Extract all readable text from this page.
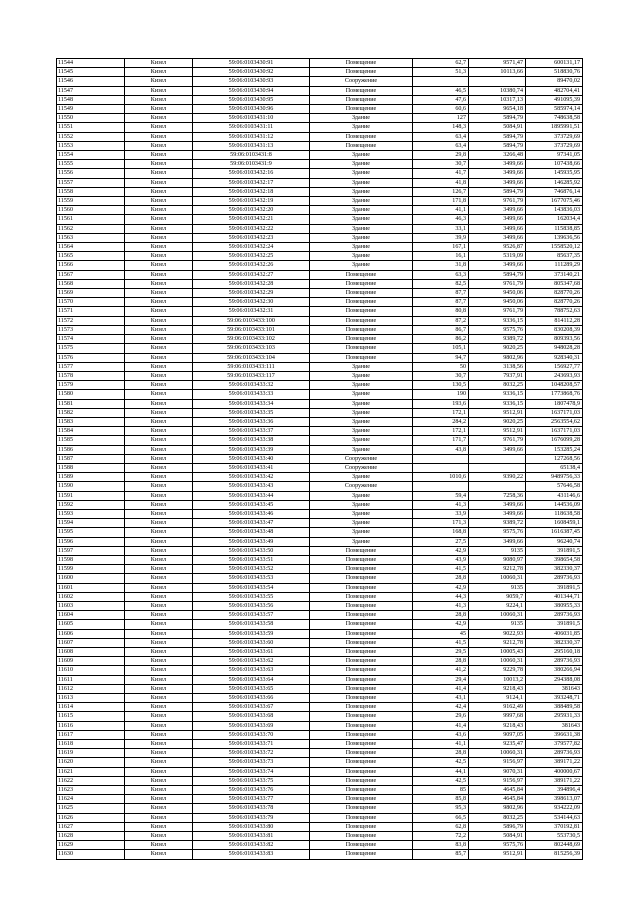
11544	Кизел	59:06:0103430:91	Помещение	62,7	9571,47	600131,17
11545	Кизел	59:06:0103430:92	Помещение	51,3	10113,66	518830,76
11546	Кизел	59:06:0103430:93	Сооружение			89470,02
11547	Кизел	59:06:0103430:94	Помещение	46,5	10380,74	482704,41
11548	Кизел	59:06:0103430:95	Помещение	47,6	10317,13	491095,39
11549	Кизел	59:06:0103430:96	Помещение	60,6	9654,18	585974,14
11550	Кизел	59:06:0103431:10	Здание	127	5894,79	748638,58
11551	Кизел	59:06:0103431:11	Здание	148,3	5084,91	1895991,51
11552	Кизел	59:06:0103431:12	Помещение	63,4	5894,79	373729,69
11553	Кизел	59:06:0103431:13	Помещение	63,4	5894,79	373729,69
11554	Кизел	59:06:0103431:8	Здание	29,8	3266,48	97341,05
11555	Кизел	59:06:0103431:9	Здание	30,7	3499,66	107438,66
11556	Кизел	59:06:0103432:16	Здание	41,7	3499,66	145935,95
11557	Кизел	59:06:0103432:17	Здание	41,8	3499,66	146285,92
11558	Кизел	59:06:0103432:18	Здание	126,7	5894,79	746876,14
11559	Кизел	59:06:0103432:19	Здание	171,8	9761,79	1677075,46
11560	Кизел	59:06:0103432:20	Здание	41,1	3499,66	143836,03
11561	Кизел	59:06:0103432:21	Здание	46,3	3499,66	162034,4
11562	Кизел	59:06:0103432:22	Здание	33,1	3499,66	115838,85
11563	Кизел	59:06:0103432:23	Здание	39,9	3499,66	139636,56
11564	Кизел	59:06:0103432:24	Здание	167,1	9526,87	1558520,12
11565	Кизел	59:06:0103432:25	Здание	16,1	5319,09	85637,35
11566	Кизел	59:06:0103432:26	Здание	31,8	3499,66	111289,29
11567	Кизел	59:06:0103432:27	Помещение	63,3	5894,79	373140,21
11568	Кизел	59:06:0103432:28	Помещение	82,5	9761,79	805347,68
11569	Кизел	59:06:0103432:29	Помещение	87,7	9450,06	828770,26
11570	Кизел	59:06:0103432:30	Помещение	87,7	9450,06	828770,26
11571	Кизел	59:06:0103432:31	Помещение	80,8	9761,79	788752,63
11572	Кизел	59:06:0103433:100	Помещение	87,2	9336,15	814112,28
11573	Кизел	59:06:0103433:101	Помещение	86,7	9575,76	830208,39
11574	Кизел	59:06:0103433:102	Помещение	86,2	9389,72	809393,56
11575	Кизел	59:06:0103433:103	Помещение	105,1	9020,25	948028,28
11576	Кизел	59:06:0103433:104	Помещение	94,7	9802,96	928340,31
11577	Кизел	59:06:0103433:111	Здание	50	3138,56	156927,77
11578	Кизел	59:06:0103433:117	Здание	30,7	7937,91	243693,93
11579	Кизел	59:06:0103433:32	Здание	130,5	8032,25	1048208,57
11580	Кизел	59:06:0103433:33	Здание	190	9336,15	1773868,76
11581	Кизел	59:06:0103433:34	Здание	193,6	9336,15	1807478,9
11582	Кизел	59:06:0103433:35	Здание	172,1	9512,91	1637171,03
11583	Кизел	59:06:0103433:36	Здание	284,2	9020,25	2563554,62
11584	Кизел	59:06:0103433:37	Здание	172,1	9512,91	1637171,03
11585	Кизел	59:06:0103433:38	Здание	171,7	9761,79	1676099,28
11586	Кизел	59:06:0103433:39	Здание	43,8	3499,66	153285,24
11587	Кизел	59:06:0103433:40	Сооружение			127268,56
11588	Кизел	59:06:0103433:41	Сооружение			65138,4
11589	Кизел	59:06:0103433:42	Здание	1010,6	9390,22	9489756,33
11590	Кизел	59:06:0103433:43	Сооружение			57646,58
11591	Кизел	59:06:0103433:44	Здание	59,4	7258,36	431146,6
11592	Кизел	59:06:0103433:45	Здание	41,3	3499,66	144536,09
11593	Кизел	59:06:0103433:46	Здание	33,9	3499,66	118638,58
11594	Кизел	59:06:0103433:47	Здание	171,3	9389,72	1608459,1
11595	Кизел	59:06:0103433:48	Здание	168,8	9575,76	1616387,45
11596	Кизел	59:06:0103433:49	Здание	27,5	3499,66	96240,74
11597	Кизел	59:06:0103433:50	Помещение	42,9	9135	391891,5
11598	Кизел	59:06:0103433:51	Помещение	43,9	9080,97	398654,58
11599	Кизел	59:06:0103433:52	Помещение	41,5	9212,78	382330,37
11600	Кизел	59:06:0103433:53	Помещение	28,8	10060,31	289736,93
11601	Кизел	59:06:0103433:54	Помещение	42,9	9135	391891,5
11602	Кизел	59:06:0103433:55	Помещение	44,3	9059,7	401344,71
11603	Кизел	59:06:0103433:56	Помещение	41,3	9224,1	380955,33
11604	Кизел	59:06:0103433:57	Помещение	28,8	10060,31	289736,93
11605	Кизел	59:06:0103433:58	Помещение	42,9	9135	391891,5
11606	Кизел	59:06:0103433:59	Помещение	45	9022,93	406031,85
11607	Кизел	59:06:0103433:60	Помещение	41,5	9212,78	382330,37
11608	Кизел	59:06:0103433:61	Помещение	29,5	10005,43	295160,18
11609	Кизел	59:06:0103433:62	Помещение	28,8	10060,31	289736,93
11610	Кизел	59:06:0103433:63	Помещение	41,2	9229,78	380266,94
11611	Кизел	59:06:0103433:64	Помещение	29,4	10013,2	294388,08
11612	Кизел	59:06:0103433:65	Помещение	41,4	9218,43	381643
11613	Кизел	59:06:0103433:66	Помещение	43,1	9124,1	393248,71
11614	Кизел	59:06:0103433:67	Помещение	42,4	9162,49	388489,58
11615	Кизел	59:06:0103433:68	Помещение	29,6	9997,68	295931,33
11616	Кизел	59:06:0103433:69	Помещение	41,4	9218,43	381643
11617	Кизел	59:06:0103433:70	Помещение	43,6	9097,05	396631,38
11618	Кизел	59:06:0103433:71	Помещение	41,1	9235,47	379577,82
11619	Кизел	59:06:0103433:72	Помещение	28,8	10060,31	289736,93
11620	Кизел	59:06:0103433:73	Помещение	42,5	9156,97	389171,22
11621	Кизел	59:06:0103433:74	Помещение	44,1	9070,31	400000,67
11622	Кизел	59:06:0103433:75	Помещение	42,5	9156,97	389171,22
11623	Кизел	59:06:0103433:76	Помещение	85	4645,84	394896,4
11624	Кизел	59:06:0103433:77	Помещение	85,8	4645,84	398613,07
11625	Кизел	59:06:0103433:78	Помещение	95,3	9802,96	934222,09
11626	Кизел	59:06:0103433:79	Помещение	66,5	8032,25	534144,63
11627	Кизел	59:06:0103433:80	Помещение	62,8	5896,79	370192,81
11628	Кизел	59:06:0103433:81	Помещение	72,2	5084,91	553730,5
11629	Кизел	59:06:0103433:82	Помещение	83,8	9575,76	802448,69
11630	Кизел	59:06:0103433:83	Помещение	85,7	9512,91	815256,39
